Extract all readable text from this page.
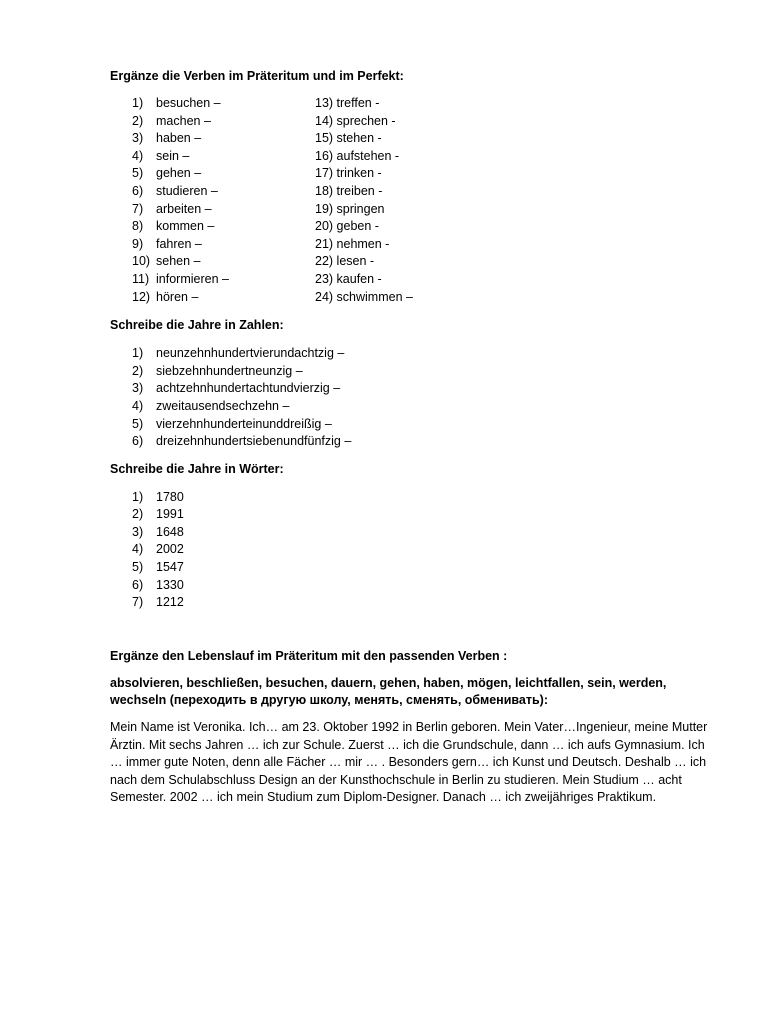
Ergänze die Verben im Präteritum und im Perfekt:

1) besuchen –	13) treffen -
2) machen –	14) sprechen -
3) haben –	15) stehen -
4) sein –	16) aufstehen -
5) gehen –	17) trinken -
6) studieren –	18) treiben -
7) arbeiten –	19) springen
8) kommen –	20) geben -
9) fahren –	21) nehmen -
10) sehen –	22) lesen -
11) informieren –	23) kaufen -
12) hören –	24) schwimmen –

Schreibe die Jahre in Zahlen:

1) neunzehnhundertvierundachtzig –
2) siebzehnhundertneunzig –
3) achtzehnhundertachtundvierzig –
4) zweitausendsechzehn –
5) vierzehnhunderteinunddreißig –
6) dreizehnhundertsiebenundfünfzig –

Schreibe die Jahre in Wörter:

1) 1780
2) 1991
3) 1648
4) 2002
5) 1547
6) 1330
7) 1212

Ergänze den Lebenslauf im Präteritum mit den passenden Verben :

absolvieren, beschließen, besuchen, dauern, gehen, haben, mögen, leichtfallen, sein, werden, wechseln (переходить в другую школу, менять, сменять, обменивать):

Mein Name ist Veronika. Ich… am 23. Oktober 1992 in Berlin geboren. Mein Vater…Ingenieur, meine Mutter Ärztin. Mit sechs Jahren … ich zur Schule. Zuerst … ich die Grundschule, dann … ich aufs Gymnasium. Ich … immer gute Noten, denn alle Fächer … mir … . Besonders gern… ich Kunst und Deutsch. Deshalb … ich nach dem Schulabschluss Design an der Kunsthochschule in Berlin zu studieren. Mein Studium … acht Semester. 2002 … ich mein Studium zum Diplom-Designer. Danach … ich zweijähriges Praktikum.
